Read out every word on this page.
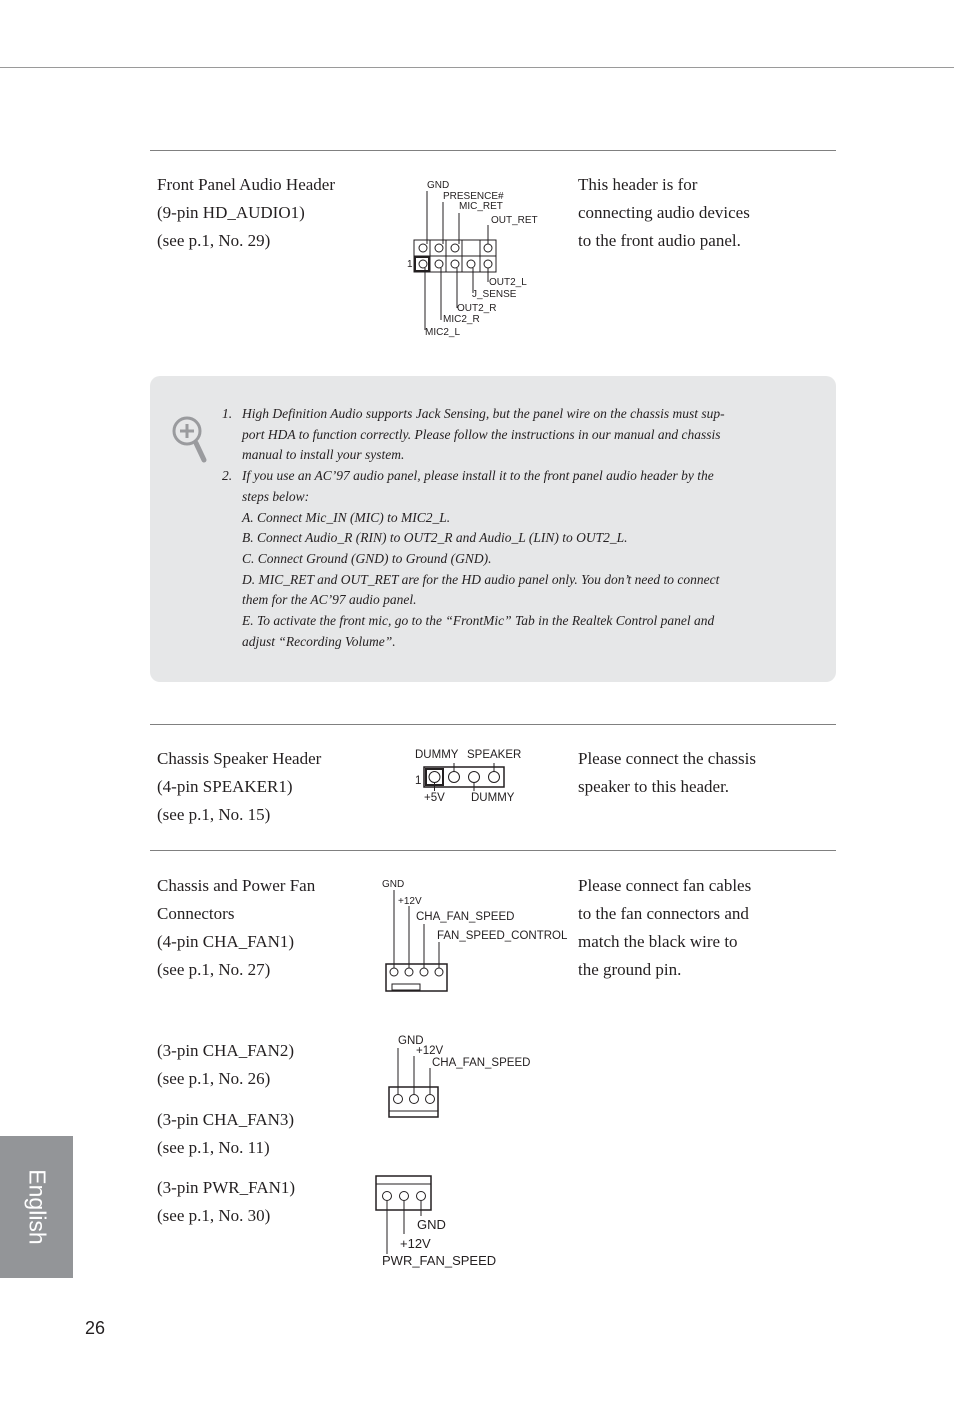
Front Panel Audio Header
(9-pin HD_AUDIO1)
(see p.1, No. 29)
This header is for
connecting audio devices
to the front audio panel.
GND
PRESENCE#
MIC_RET
OUT_RET
1
OUT2_L
J_SENSE
OUT2_R
MIC2_R
MIC2_L
1. High Definition Audio supports Jack Sensing, but the panel wire on the chassis must sup-
port HDA to function correctly. Please follow the instructions in our manual and chassis
manual to install your system.
2. If you use an AC’97 audio panel, please install it to the front panel audio header by the
steps below:
A. Connect Mic_IN (MIC) to MIC2_L.
B. Connect Audio_R (RIN) to OUT2_R and Audio_L (LIN) to OUT2_L.
C. Connect Ground (GND) to Ground (GND).
D. MIC_RET and OUT_RET are for the HD audio panel only. You don’t need to connect
them for the AC’97 audio panel.
E. To activate the front mic, go to the “FrontMic” Tab in the Realtek Control panel and
adjust “Recording Volume”.
Chassis Speaker Header
(4-pin SPEAKER1)
(see p.1, No. 15)
Please connect the chassis
speaker to this header.
DUMMY SPEAKER
1
+5V DUMMY
Chassis and Power Fan
Connectors
(4-pin CHA_FAN1)
(see p.1, No. 27)
Please connect fan cables
to the fan connectors and
match the black wire to
the ground pin.
GND
+12V
CHA_FAN_SPEED
FAN_SPEED_CONTROL
(3-pin CHA_FAN2)
(see p.1, No. 26)
(3-pin CHA_FAN3)
(see p.1, No. 11)
GND
+12V
CHA_FAN_SPEED
(3-pin PWR_FAN1)
(see p.1, No. 30)	GND
+12V
PWR_FAN_SPEED
English
26
